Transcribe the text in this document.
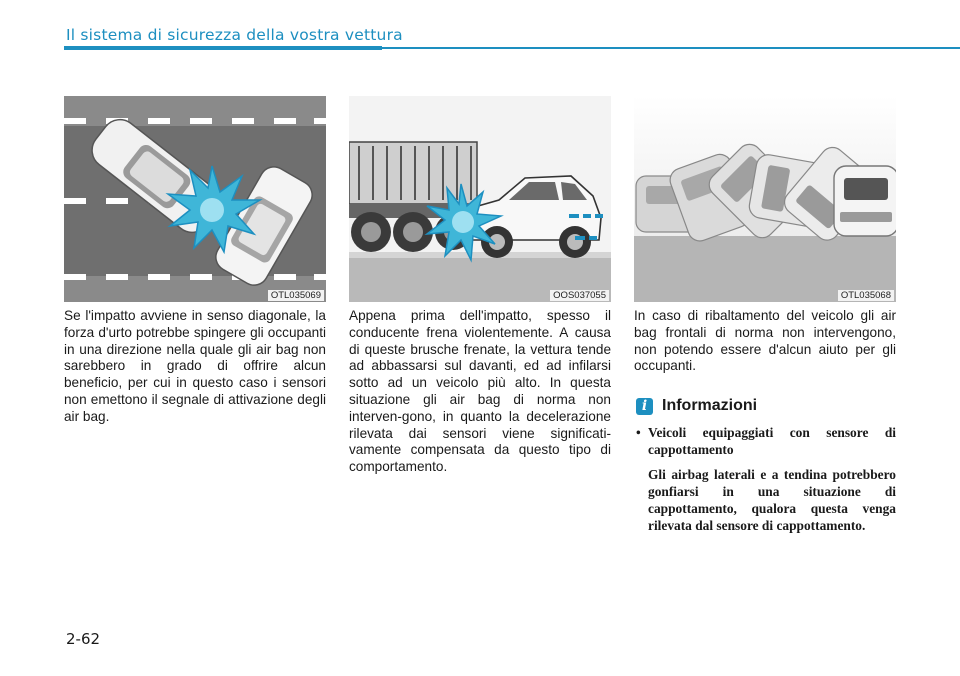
Il sistema di sicurezza della vostra vettura
OTL035069	OOS037055	OTL035068
Se l'impatto avviene in senso diagonale, la forza d'urto potrebbe spingere gli occupanti in una direzione nella quale gli air bag non sarebbero in grado di offrire alcun beneficio, per cui in questo caso i sensori non emettono il segnale di attivazione degli air bag.
Appena prima dell'impatto, spesso il conducente frena violentemente. A causa di queste brusche frenate, la vettura tende ad abbassarsi sul davanti, ed ad infilarsi sotto ad un veicolo più alto. In questa situazione gli air bag di norma non interven-gono, in quanto la decelerazione rilevata dai sensori viene significati-vamente compensata da questo tipo di comportamento.
In caso di ribaltamento del veicolo gli air bag frontali di norma non intervengono, non potendo essere d'alcun aiuto per gli occupanti.
i Informazioni
• Veicoli equipaggiati con sensore di cappottamento
Gli airbag laterali e a tendina potrebbero gonfiarsi in una situazione di cappottamento, qualora questa venga rilevata dal sensore di cappottamento.
2-62
